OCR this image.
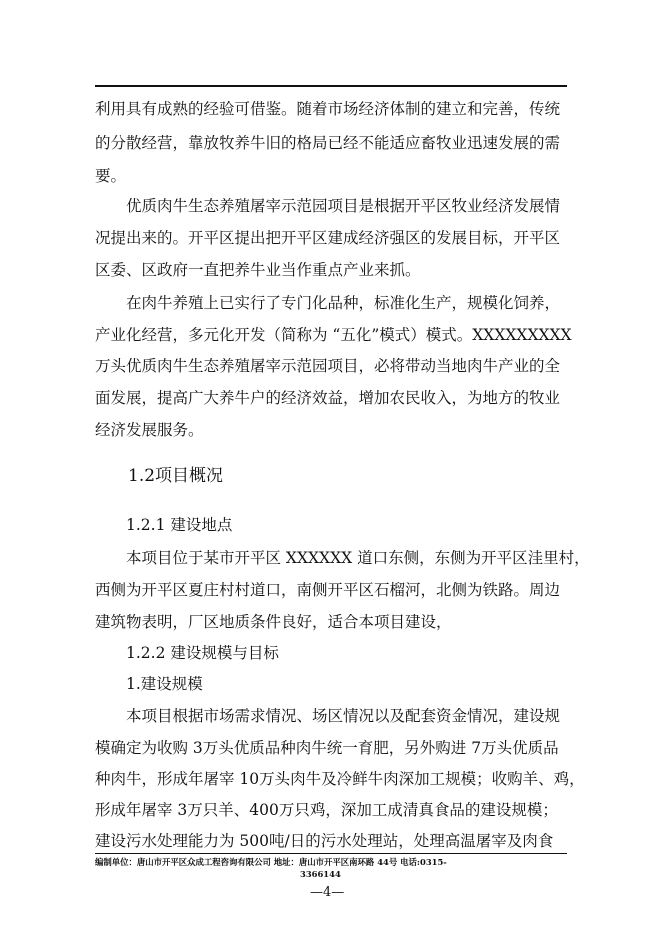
利用具有成熟的经验可借鉴。随着市场经济体制的建立和完善，传统
的分散经营，靠放牧养牛旧的格局已经不能适应畜牧业迅速发展的需
要。
优质肉牛生态养殖屠宰示范园项目是根据开平区牧业经济发展情
况提出来的。开平区提出把开平区建成经济强区的发展目标，开平区
区委、区政府一直把养牛业当作重点产业来抓。
在肉牛养殖上已实行了专门化品种，标准化生产，规模化饲养，
产业化经营，多元化开发（简称为 “五化”模式）模式。XXXXXXXXX
万头优质肉牛生态养殖屠宰示范园项目，必将带动当地肉牛产业的全
面发展，提高广大养牛户的经济效益，增加农民收入，为地方的牧业
经济发展服务。
1.2项目概况
1.2.1 建设地点
本项目位于某市开平区 XXXXXX 道口东侧，东侧为开平区洼里村，
西侧为开平区夏庄村村道口，南侧开平区石榴河，北侧为铁路。周边
建筑物表明，厂区地质条件良好，适合本项目建设，
1.2.2 建设规模与目标
1.建设规模
本项目根据市场需求情况、场区情况以及配套资金情况，建设规
模确定为收购 3万头优质品种肉牛统一育肥，另外购进 7万头优质品
种肉牛，形成年屠宰 10万头肉牛及冷鲜牛肉深加工规模；收购羊、鸡，
形成年屠宰 3万只羊、400万只鸡，深加工成清真食品的建设规模；
建设污水处理能力为 500吨/日的污水处理站，处理高温屠宰及肉食
编制单位：唐山市开平区众成工程咨询有限公司 地址：唐山市开平区南环路 44号 电话:0315-
3366144
—4—
